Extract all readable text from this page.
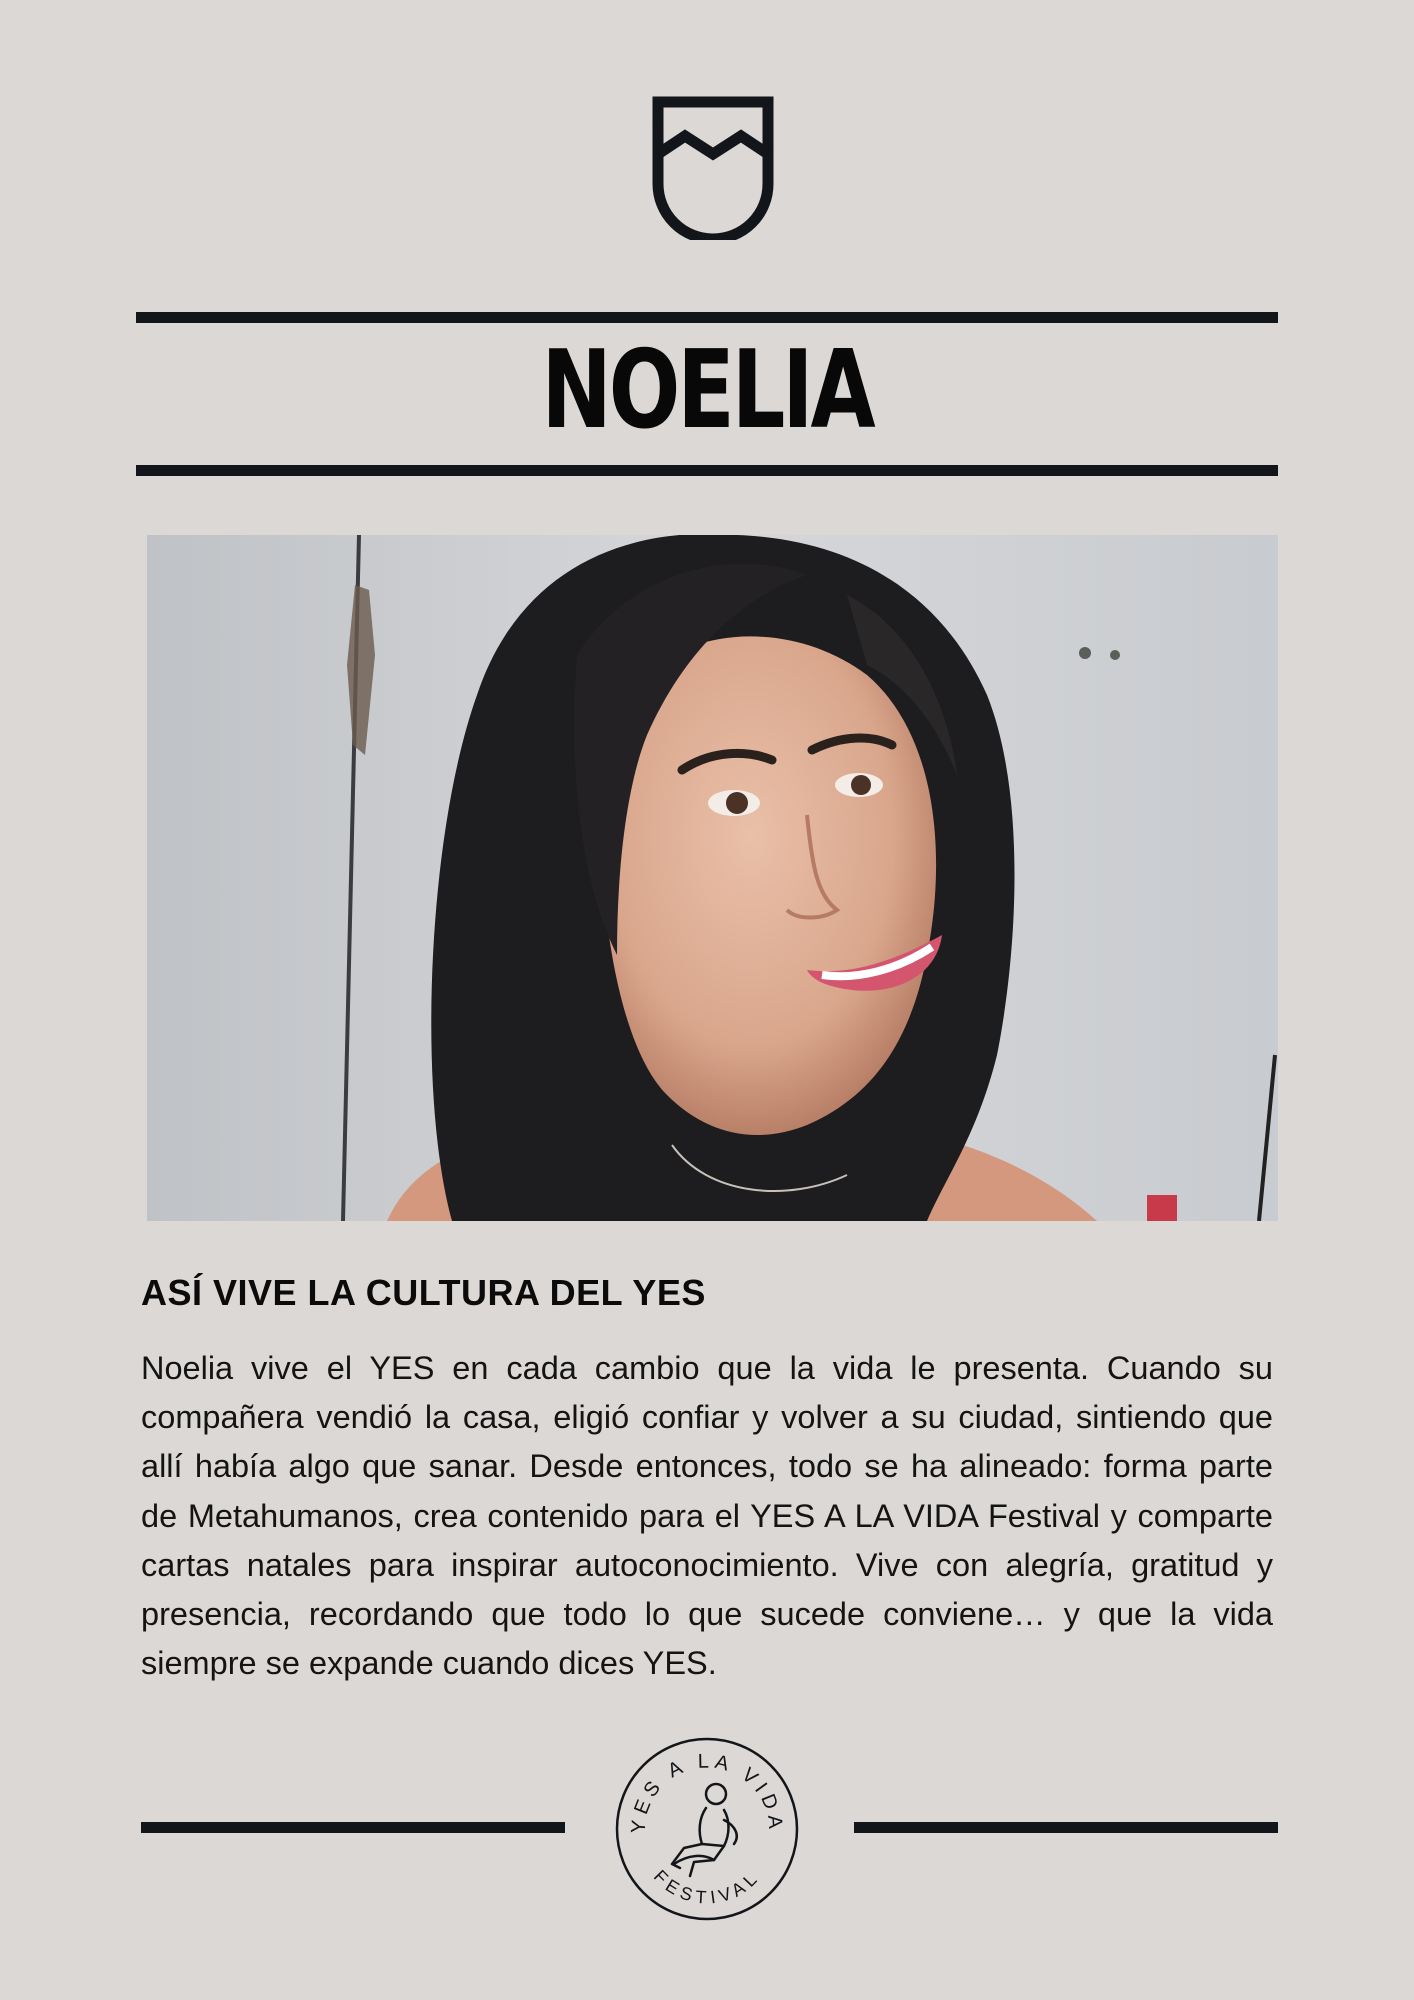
NOELIA
ASÍ VIVE LA CULTURA DEL YES
Noelia vive el YES en cada cambio que la vida le presenta. Cuando su compañera vendió la casa, eligió confiar y volver a su ciudad, sintiendo que allí había algo que sanar. Desde entonces, todo se ha alineado: forma parte de Metahumanos, crea contenido para el YES A LA VIDA Festival y comparte cartas natales para inspirar autoconocimiento. Vive con alegría, gratitud y presencia, recordando que todo lo que sucede conviene… y que la vida siempre se expande cuando dices YES.
YES A LA VIDA
FESTIVAL
